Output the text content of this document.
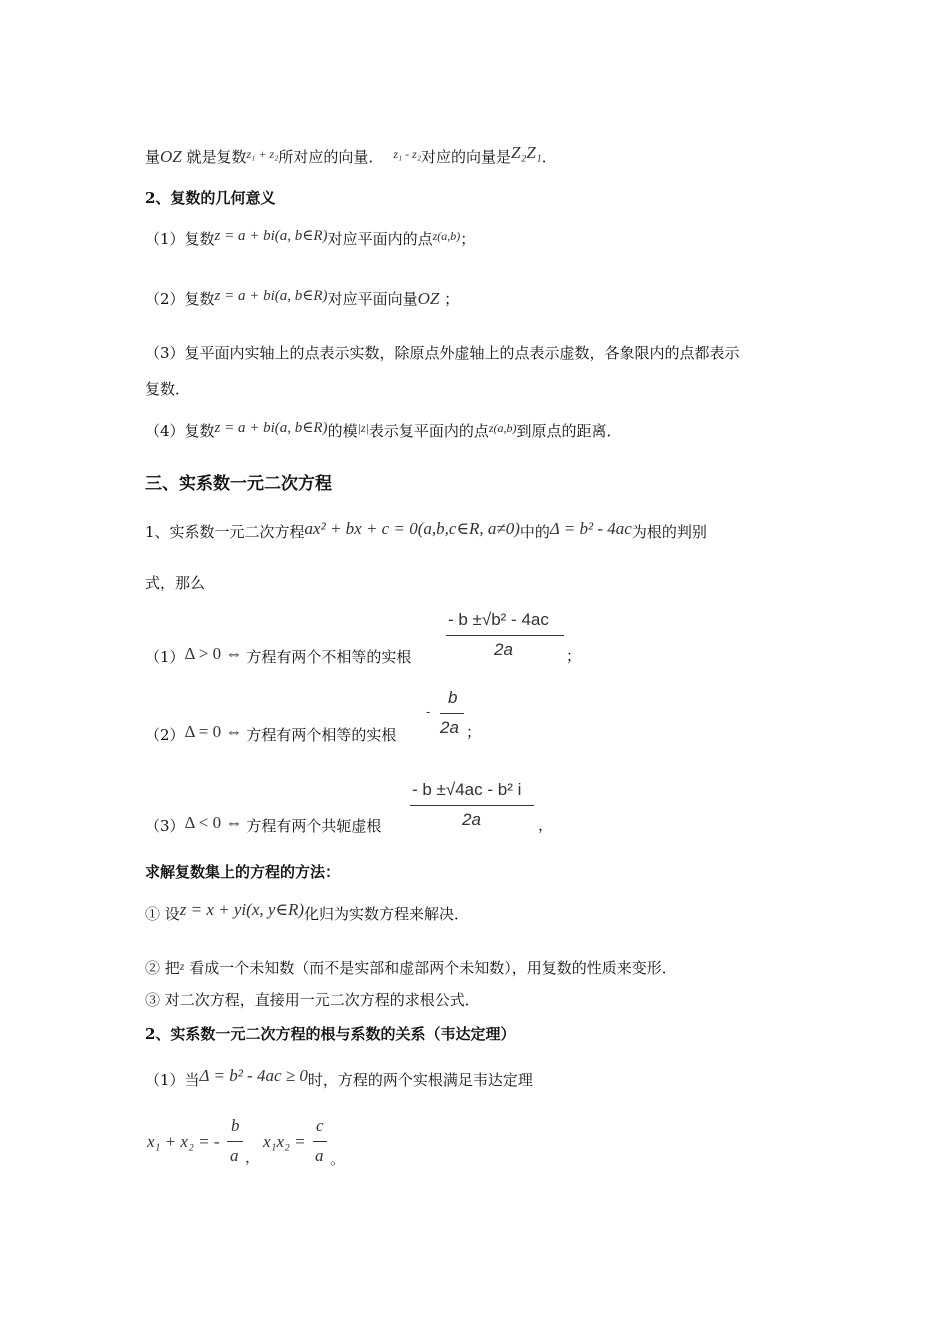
量OZ 就是复数$^{z_1 + z_2}$所对应的向量． $^{z_1 - z_2}$对应的向量是Z₂Z₁．
2、复数的几何意义
（1）复数z = a + bi(a, b∈R)对应平面内的点$^{z(a,b)}$；
（2）复数z = a + bi(a, b∈R)对应平面向量OZ ；
（3）复平面内实轴上的点表示实数，除原点外虚轴上的点表示虚数，各象限内的点都表示
复数．
（4）复数z = a + bi(a, b∈R)的模$^{|z|}$表示复平面内的点$^{z(a,b)}$到原点的距离．
三、实系数一元二次方程
1、实系数一元二次方程ax² + bx + c = 0(a,b,c∈R, a≠0)中的Δ = b² - 4ac为根的判别
式，那么
（1）Δ > 0 ⇔ 方程有两个不相等的实根
- b ±√b² - 4ac
2a	；
（2）Δ = 0 ⇔ 方程有两个相等的实根
-
b
2a ；
（3）Δ < 0 ⇔ 方程有两个共轭虚根
- b ±√4ac - b² i
2a	，
求解复数集上的方程的方法：
① 设z = x + yi(x, y∈R)化归为实数方程来解决．
② 把$^z$ 看成一个未知数（而不是实部和虚部两个未知数），用复数的性质来变形．
③ 对二次方程，直接用一元二次方程的求根公式．
2、实系数一元二次方程的根与系数的关系（韦达定理）
（1）当Δ = b² - 4ac ≥ 0时，方程的两个实根满足韦达定理
x₁ + x₂ = -
b
a ，
x₁x₂ =
c
a 。
